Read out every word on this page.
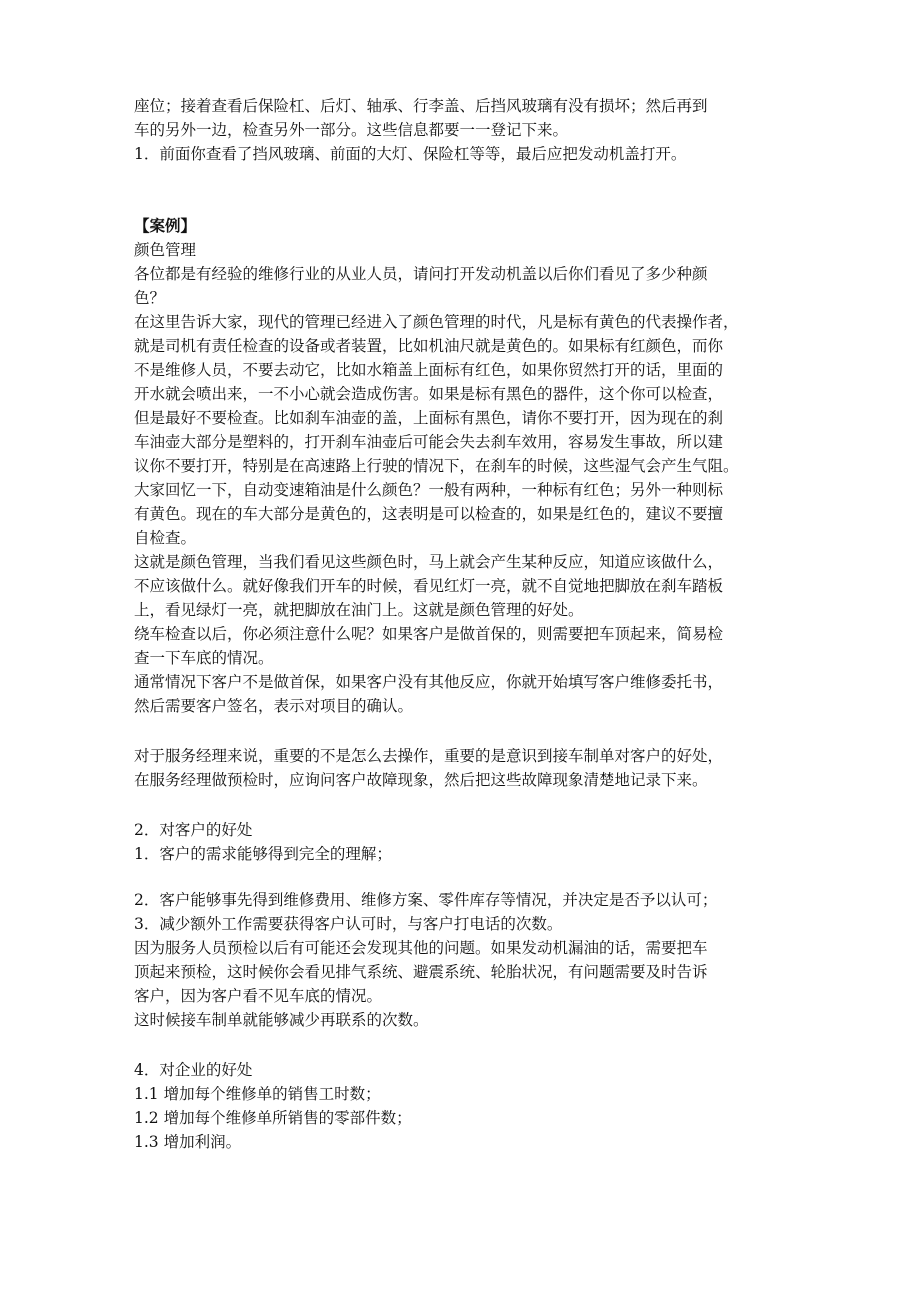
座位；接着查看后保险杠、后灯、轴承、行李盖、后挡风玻璃有没有损坏；然后再到
车的另外一边，检查另外一部分。这些信息都要一一登记下来。
1．前面你查看了挡风玻璃、前面的大灯、保险杠等等，最后应把发动机盖打开。
【案例】
颜色管理
各位都是有经验的维修行业的从业人员，请问打开发动机盖以后你们看见了多少种颜
色？
在这里告诉大家，现代的管理已经进入了颜色管理的时代，凡是标有黄色的代表操作者，
就是司机有责任检查的设备或者装置，比如机油尺就是黄色的。如果标有红颜色，而你
不是维修人员，不要去动它，比如水箱盖上面标有红色，如果你贸然打开的话，里面的
开水就会喷出来，一不小心就会造成伤害。如果是标有黑色的器件，这个你可以检查，
但是最好不要检查。比如刹车油壶的盖，上面标有黑色，请你不要打开，因为现在的刹
车油壶大部分是塑料的，打开刹车油壶后可能会失去刹车效用，容易发生事故，所以建
议你不要打开，特别是在高速路上行驶的情况下，在刹车的时候，这些湿气会产生气阻。
大家回忆一下，自动变速箱油是什么颜色？一般有两种，一种标有红色；另外一种则标
有黄色。现在的车大部分是黄色的，这表明是可以检查的，如果是红色的，建议不要擅
自检查。
这就是颜色管理，当我们看见这些颜色时，马上就会产生某种反应，知道应该做什么，
不应该做什么。就好像我们开车的时候，看见红灯一亮，就不自觉地把脚放在刹车踏板
上，看见绿灯一亮，就把脚放在油门上。这就是颜色管理的好处。
绕车检查以后，你必须注意什么呢？如果客户是做首保的，则需要把车顶起来，简易检
查一下车底的情况。
通常情况下客户不是做首保，如果客户没有其他反应，你就开始填写客户维修委托书，
然后需要客户签名，表示对项目的确认。
对于服务经理来说，重要的不是怎么去操作，重要的是意识到接车制单对客户的好处，
在服务经理做预检时，应询问客户故障现象，然后把这些故障现象清楚地记录下来。
2．对客户的好处
1．客户的需求能够得到完全的理解；
2．客户能够事先得到维修费用、维修方案、零件库存等情况，并决定是否予以认可；
3．减少额外工作需要获得客户认可时，与客户打电话的次数。
因为服务人员预检以后有可能还会发现其他的问题。如果发动机漏油的话，需要把车
顶起来预检，这时候你会看见排气系统、避震系统、轮胎状况，有问题需要及时告诉
客户，因为客户看不见车底的情况。
这时候接车制单就能够减少再联系的次数。
4．对企业的好处
1.1 增加每个维修单的销售工时数；
1.2 增加每个维修单所销售的零部件数；
1.3 增加利润。
